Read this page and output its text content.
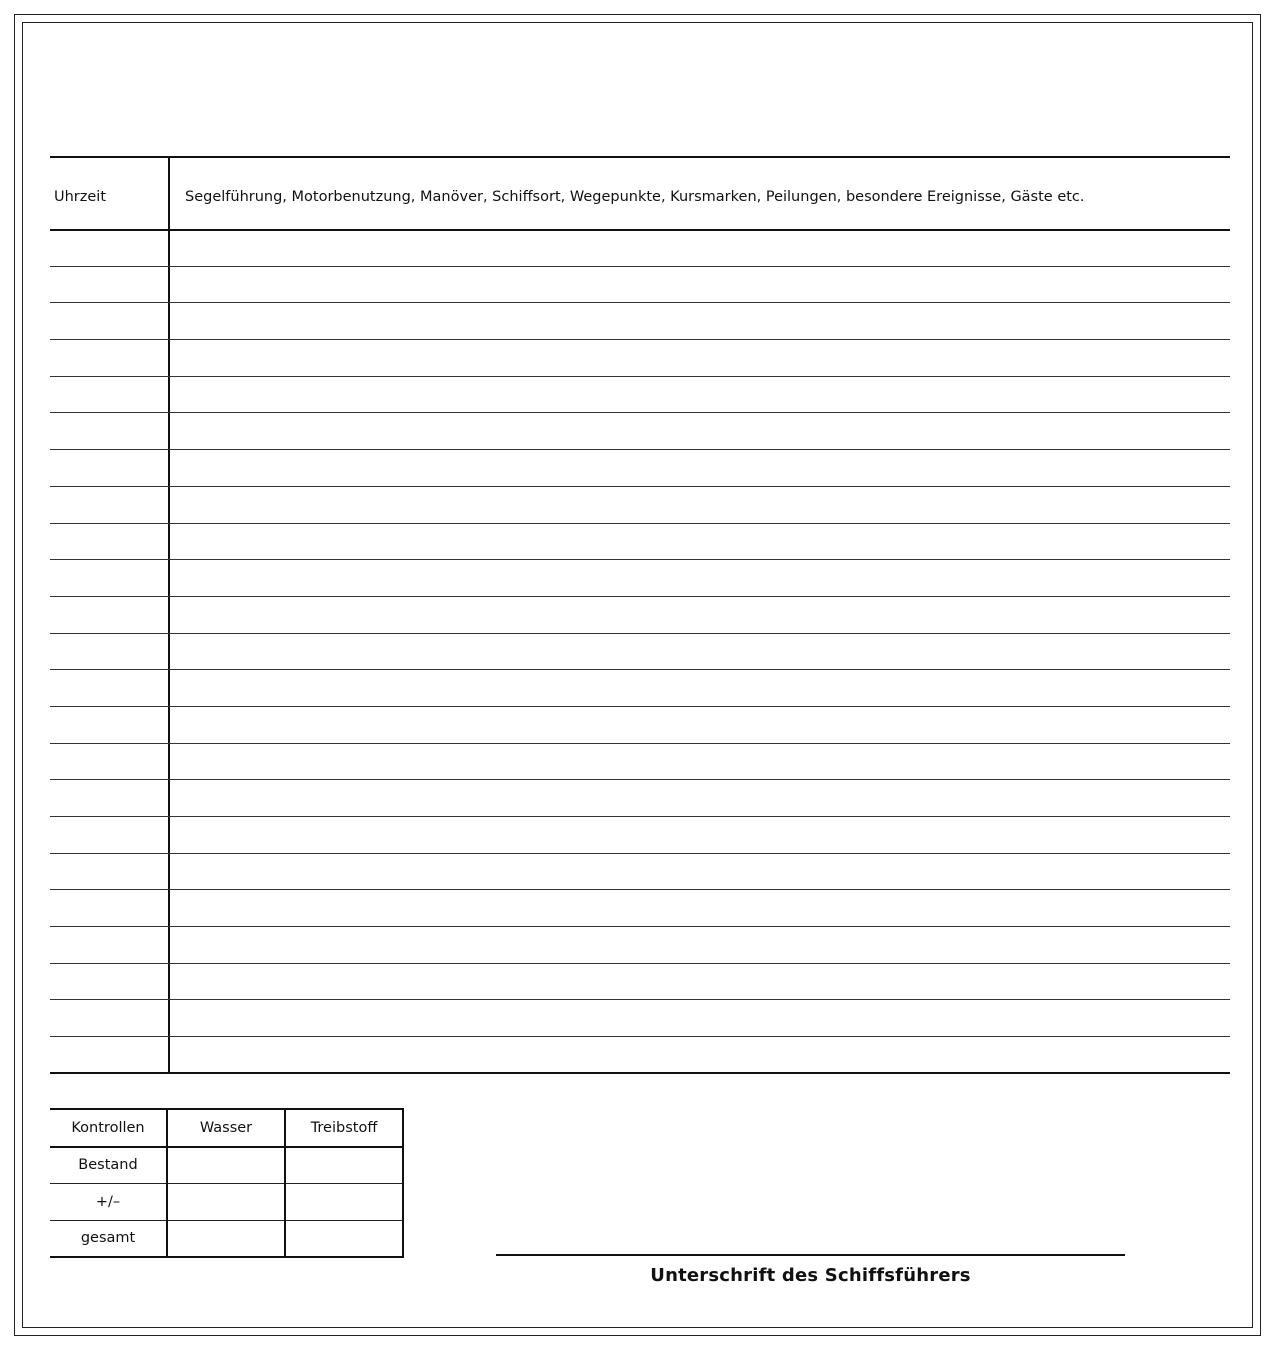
Uhrzeit	Segelführung, Motorbenutzung, Manöver, Schiffsort, Wegepunkte, Kursmarken, Peilungen, besondere Ereignisse, Gäste etc.
Kontrollen	Wasser	Treibstoff
Bestand		
+/–		
gesamt		
Unterschrift des Schiffsführers
